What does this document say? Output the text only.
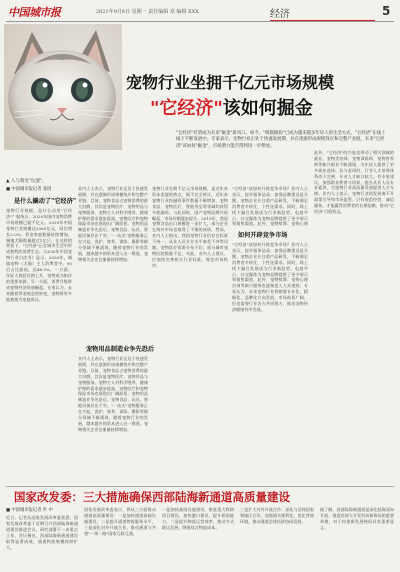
中国城市报	2021年9月6日 星期一 责任编辑 邓 编辑 XXX	经济	5
▲ 人与萌宠"玩耍"。
宠物行业坐拥千亿元市场规模
"它经济"该如何掘金
"它经济"有望成为未来"掘金"新风口。如今，"吸猫撸狗"已成为越来越多年轻人的生活方式，"它经济"在线上线下不断发展中。专家表示，宠物行业正处于快速发展期，并在逐渐形成规模效应和完整产业链，未来"它经济"该如何"掘金"，市场潜力能否得到进一步释放。
■ 中国城市报记者 张园
是什么撬动了"它经济"
宠物行业规模，是什么动用"它经济"？据统计，2020年国内宠物消费市场规模已超千亿元。2020年中国宠物行业规模达2065亿元，同比增长2.0%。养宠家庭数量持续增加，城镇犬猫数量超过1亿只。在这样的背景下，"它经济"正在城市生活中形成独特的消费生态。《2020年中国宠物行业白皮书》显示，2020年，城镇宠物（犬猫）主人消费者中，90后占比最高，达46.3%。一方面，年轻人独居比例上升，宠物成为陪伴的重要来源；另一方面，消费升级带动宠物经济快速崛起。专家认为，未来随着养宠观念的转变，宠物将更多地被视为家庭成员。
业内人士表示，宠物行业正处于快速发展期，并在逐渐形成规模效应和完整产业链。目前，宠物食品占宠物消费的最大份额，其次是宠物医疗、宠物用品与宠物服务。宠物主人对科学喂养、健康护理的需求逐步提高，宠物医疗和宠物保险市场也展现出广阔前景。宠物用品制造业争先恐后，宠物食品、玩具、智能设备层出不穷。"一站式"宠物服务正在兴起，洗护、寄养、训练、摄影等细分领域不断涌现。随着宠物行业的发展，越来越多的资本进入这一赛道，宠物相关企业注册量持续增加。
宠物用品制造业争先恐后
业内人士表示，宠物行业正处于快速发展期，并在逐渐形成规模效应和完整产业链。目前，宠物食品占宠物消费的最大份额，其次是宠物医疗、宠物用品与宠物服务。宠物主人对科学喂养、健康护理的需求逐步提高，宠物医疗和宠物保险市场也展现出广阔前景。宠物用品制造业争先恐后，宠物食品、玩具、智能设备层出不穷。"一站式"宠物服务正在兴起，洗护、寄养、训练、摄影等细分领域不断涌现。随着宠物行业的发展，越来越多的资本进入这一赛道，宠物相关企业注册量持续增加。
宠物行业坐拥千亿元市场规模，是近年来资本追逐的热点。据不完全统计，近年来宠物行业投融资事件数量不断增加，宠物食品、宠物医疗、智能用品等领域均获得多轮融资。与此同时，国产宠物品牌开始崛起，市场份额逐步提升。2019年，我国宠物食品出口规模进一步扩大，部分企业在海外市场也取得了不错的成绩。然而，业内人士指出，我国宠物行业仍存在标准不统一、从业人员专业水平参差不齐等问题。宠物医疗资源分布不均，部分城市宠物医院数量不足。对此，业内人士建议，应加快完善相关行业标准，规范市场秩序。
如何开辟竞争市场
"它经济"该如何开辟竞争市场？业内人士表示，提升服务品质、加强品牌建设是关键。宠物企业应注重产品研发，不断满足消费者多样化、个性化需求。同时，线上线下融合发展成为行业新趋势，电商平台、社交媒体为宠物品牌提供了更多展示和销售渠道。此外，宠物殡葬、宠物心理
"它经济"该如何开辟竞争市场？业内人士表示，提升服务品质、加强品牌建设是关键。宠物企业应注重产品研发，不断满足消费者多样化、个性化需求。同时，线上线下融合发展成为行业新趋势，电商平台、社交媒体为宠物品牌提供了更多展示和销售渠道。此外，宠物殡葬、宠物心理咨询等新兴服务也逐渐进入大众视野。专家认为，未来宠物行业将朝着专业化、精细化、品牌化方向发展，市场前景广阔，但也需要行业各方共同努力，推动宠物经济健康有序发展。
此外，"它经济"的兴起也带动了相关领域的就业。宠物美容师、宠物训练师、宠物营养师等新兴职业不断涌现，为年轻人提供了更多就业选择。但与此同时，行业人才培养体系尚不完善，专业人才缺口较大。有专家建议，加强职业教育与培训，提升从业人员专业素养，为宠物行业高质量发展提供人才支撑。业内人士表示，宠物行业的发展离不开政策引导和市场监管，只有规范经营、诚信服务，才能赢得消费者的长期信赖，推动"它经济"行稳致远。
国家改发委：三大措施确保西部陆海新通道高质量建设
■ 中国城市报记者 叶 中
近日，记者从国家发展改革委获悉，国家发展改革委于近期召开西部陆海新通道建设推进会议，研究部署下一步重点工作。会议指出，西部陆海新通道建设取得显著成效，通道物流规模持续扩大。
国家发展改革委表示，将从三方面推动通道高质量建设：一是加快通道基础设施建设，二是提升通道物流服务水平，三是深化对外开放合作，推动通道与共建"一带一路"国家互联互通。
一是加快基础设施建设。推进重大铁路项目建设，加快港口建设，提升枢纽能力。二是提升物流运营效率，推动多式联运发展，降低综合物流成本。
三是扩大对外开放合作。深化与沿线国家和地区合作，加强通关便利化，优化营商环境，推动通道沿线经济协同发展。
据了解，西部陆海新通道是深化陆海双向开放、推进西部大开发形成新格局的重要举措，对于构建新发展格局具有重要意义。
